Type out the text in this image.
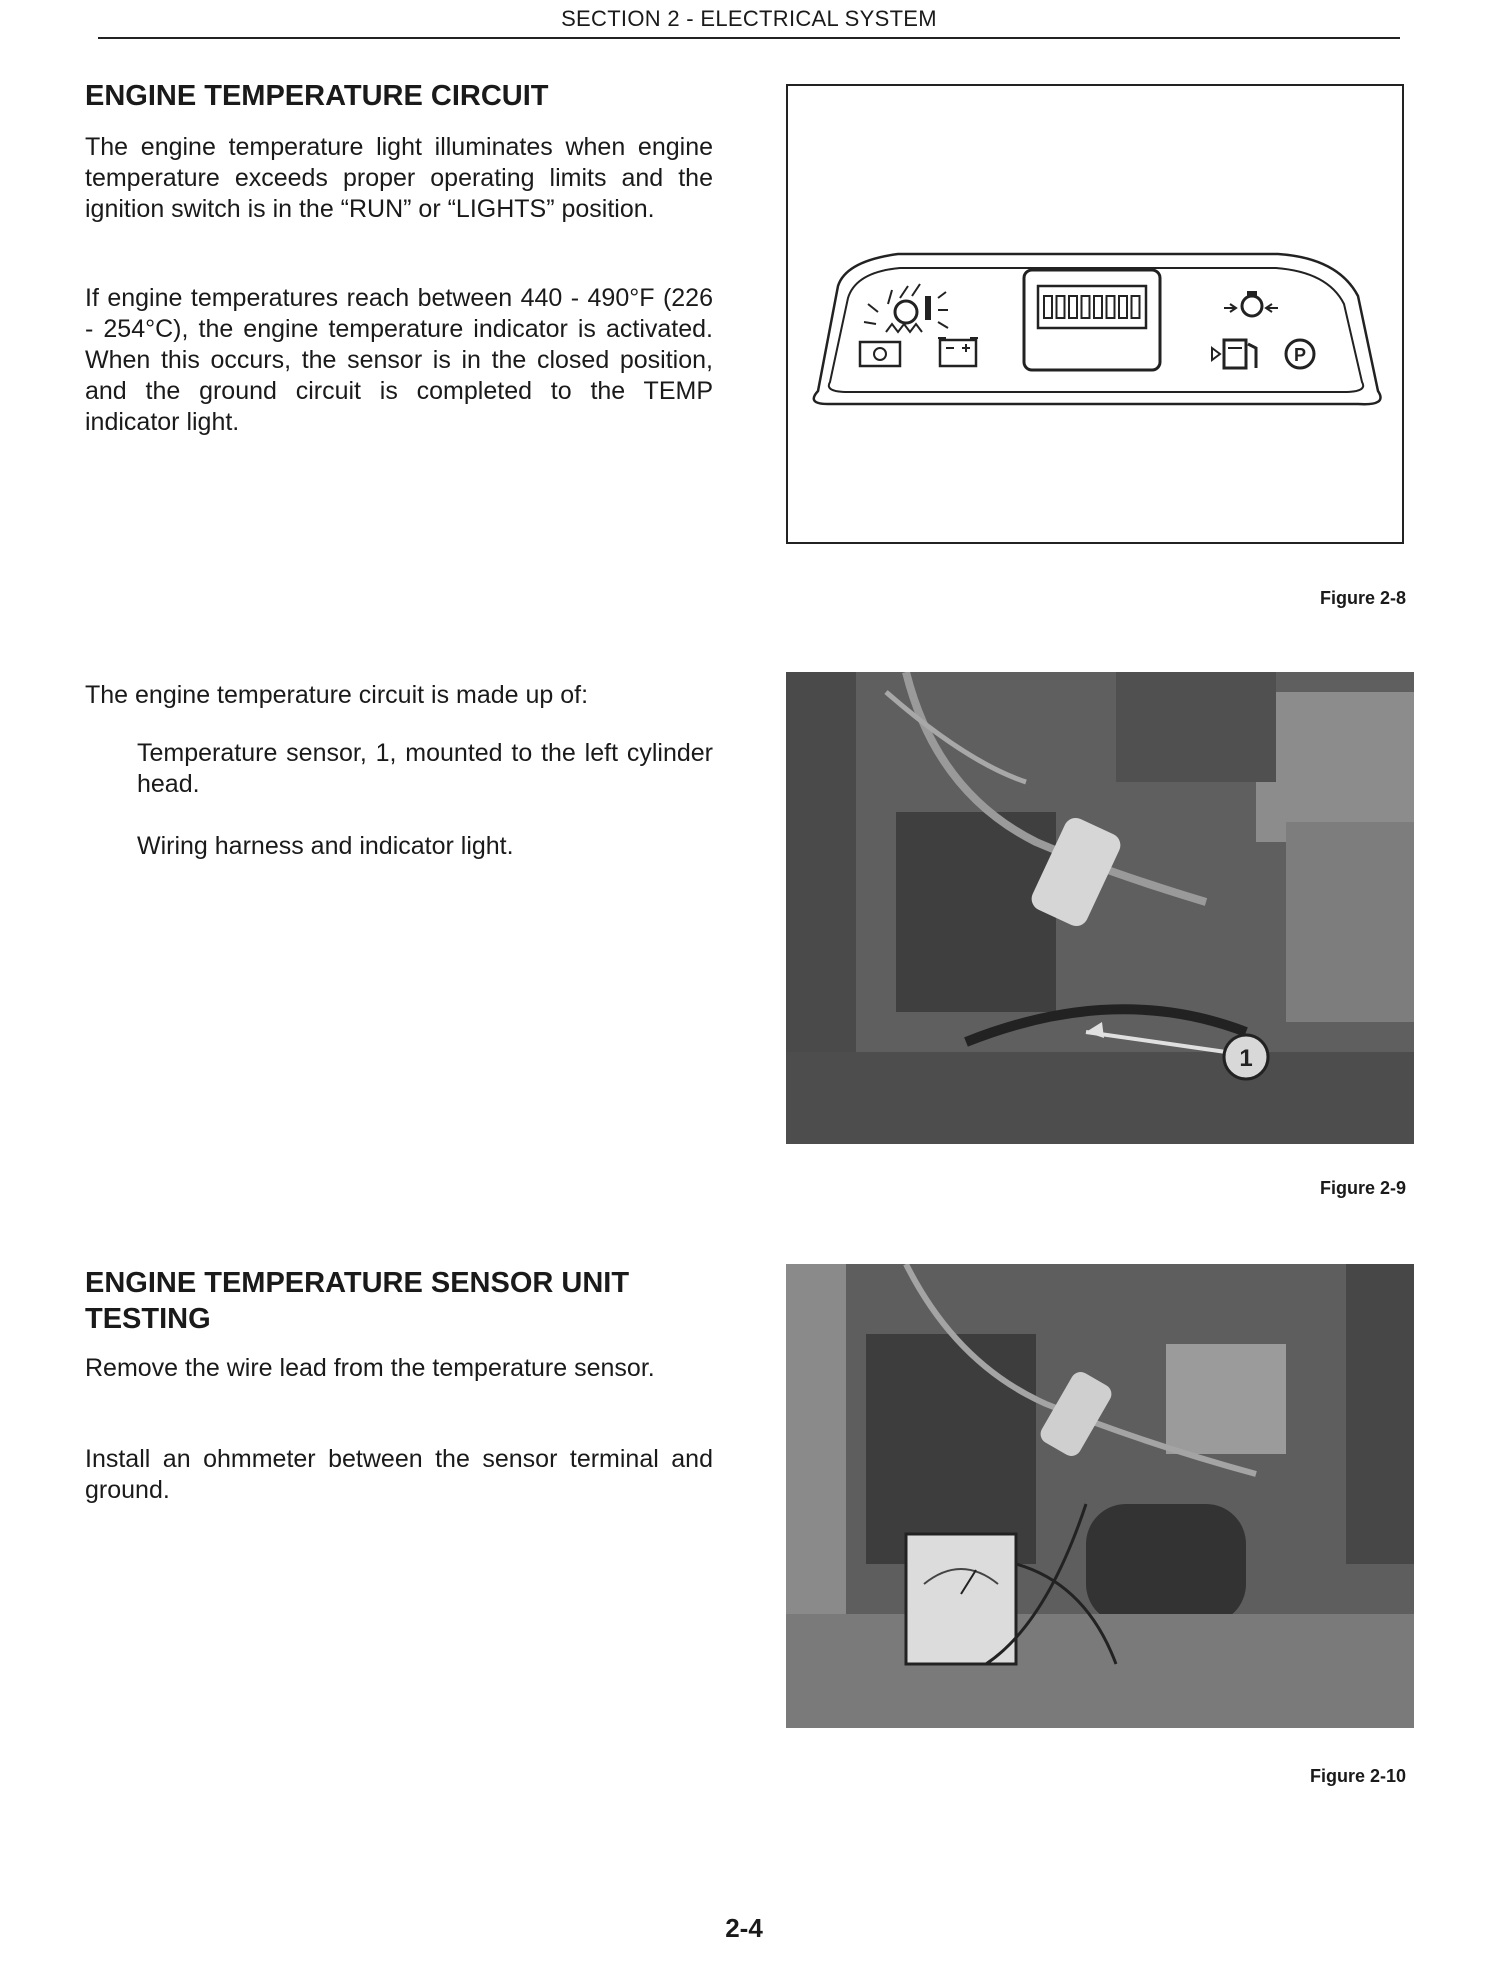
SECTION 2 - ELECTRICAL SYSTEM
ENGINE TEMPERATURE CIRCUIT

The engine temperature light illuminates when engine temperature exceeds proper operating limits and the ignition switch is in the “RUN” or “LIGHTS” position.

If engine temperatures reach between 440 - 490°F (226 - 254°C), the engine temperature indicator is activated. When this occurs, the sensor is in the closed position, and the ground circuit is completed to the TEMP indicator light.

P
Figure 2-8

The engine temperature circuit is made up of:

Temperature sensor, 1, mounted to the left cylinder head.

Wiring harness and indicator light.

1
Figure 2-9
ENGINE TEMPERATURE SENSOR UNIT
TESTING

Remove the wire lead from the temperature sensor.

Install an ohmmeter between the sensor terminal and ground.

Figure 2-10
2-4
